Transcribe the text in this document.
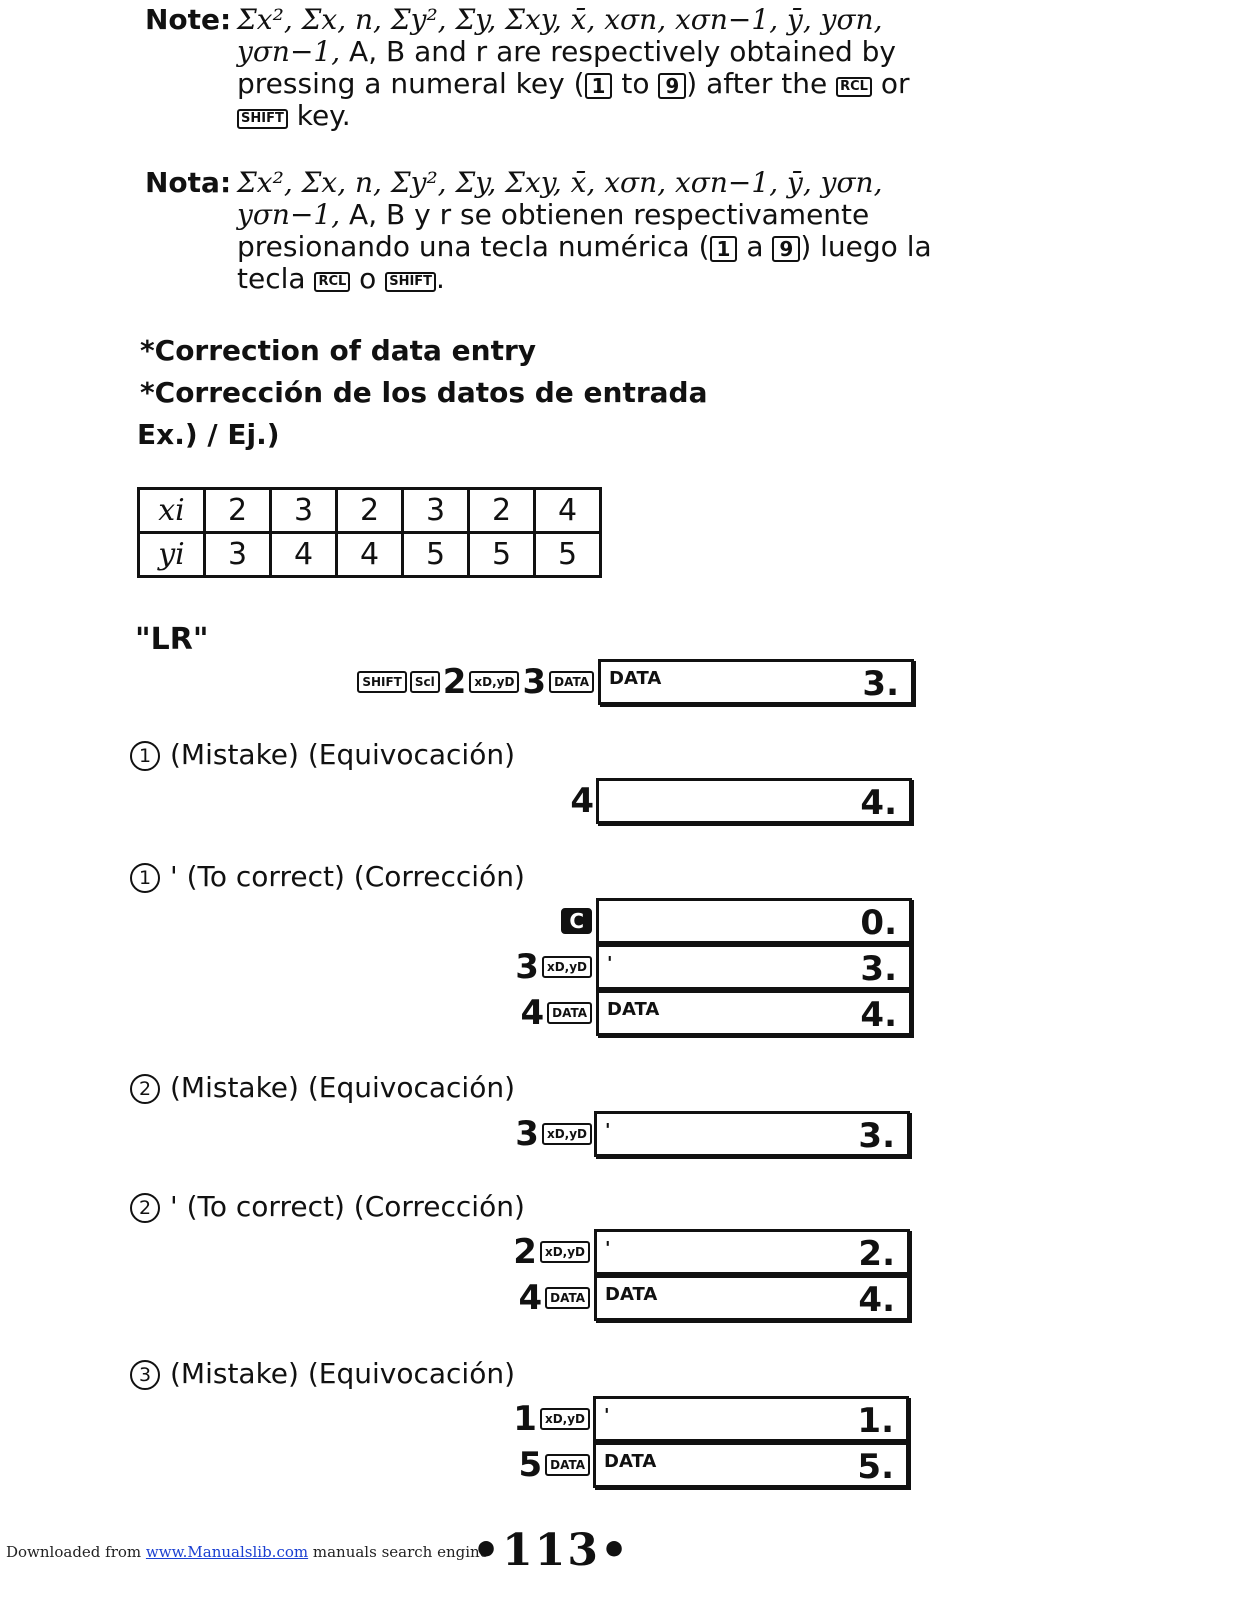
Note: Σx², Σx, n, Σy², Σy, Σxy, x̄, xσn, xσn−1, ȳ, yσn, yσn−1, A, B and r are respectively obtained by pressing a numeral key ( 1 to 9 ) after the RCL or SHIFT key.
Nota: Σx², Σx, n, Σy², Σy, Σxy, x̄, xσn, xσn−1, ȳ, yσn, yσn−1, A, B y r se obtienen respectivamente presionando una tecla numérica ( 1 a 9 ) luego la tecla RCL o SHIFT .
*Correction of data entry
*Corrección de los datos de entrada
Ex.) / Ej.)
xi	2	3	2	3	2	4
yi	3	4	4	5	5	5
"LR"
SHIFT	Scl 2 xD,yD 3 DATA DATA	3.
1 (Mistake) (Equivocación)
4	4.
1 ' (To correct) (Corrección)
C	0.
3 xD,yD '	3.
4 DATA DATA	4.
2 (Mistake) (Equivocación)
3 xD,yD '	3.
2 ' (To correct) (Corrección)
2 xD,yD '	2.
4 DATA DATA	4.
3 (Mistake) (Equivocación)
1 xD,yD '	1.
5 DATA DATA	5.
Downloaded from www.Manualslib.com manuals search engine
•113•
